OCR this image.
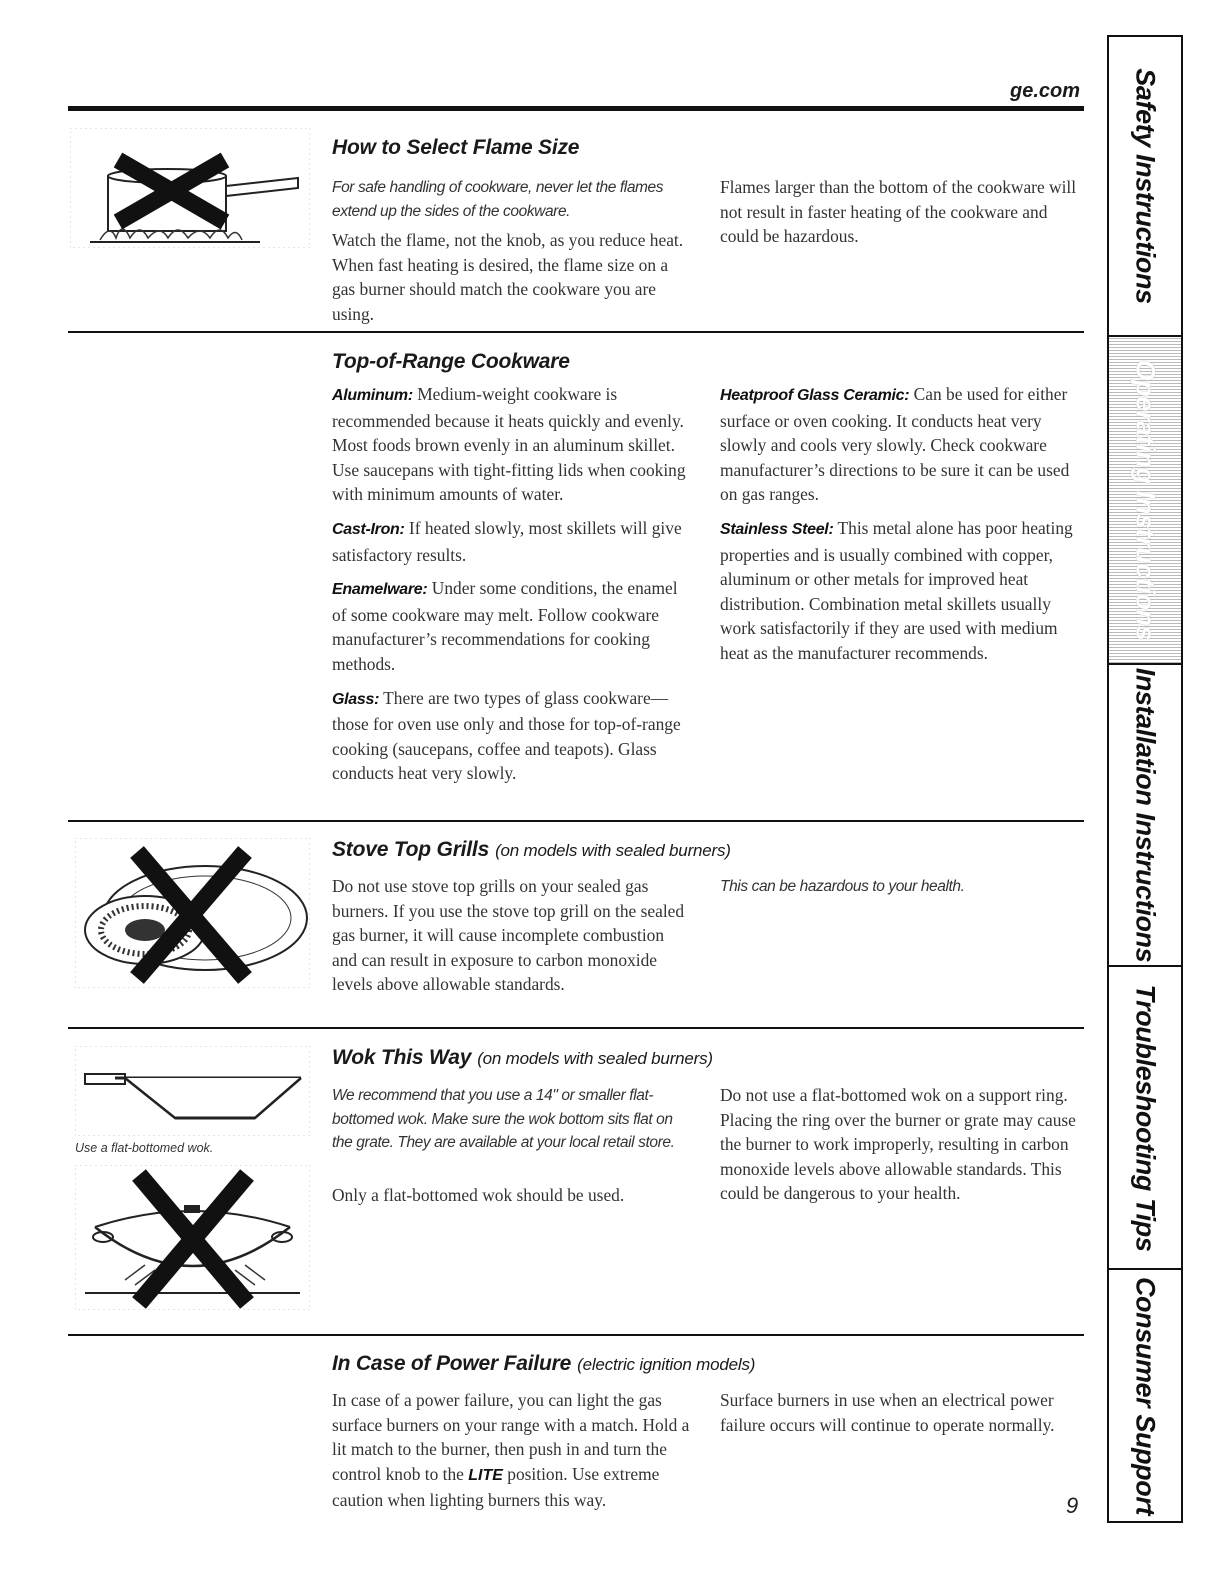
ge.com Safety Instructions
Operating Instructions
Installation Instructions
Troubleshooting Tips
Consumer Support
How to Select Flame Size
For safe handling of cookware, never let the flames extend up the sides of the cookware.
Watch the flame, not the knob, as you reduce heat. When fast heating is desired, the flame size on a gas burner should match the cookware you are using.
Flames larger than the bottom of the cookware will not result in faster heating of the cookware and could be hazardous.
Top-of-Range Cookware

Aluminum: Medium-weight cookware is recommended because it heats quickly and evenly. Most foods brown evenly in an aluminum skillet. Use saucepans with tight-fitting lids when cooking with minimum amounts of water.

Cast-Iron: If heated slowly, most skillets will give satisfactory results.

Enamelware: Under some conditions, the enamel of some cookware may melt. Follow cookware manufacturer’s recommendations for cooking methods.

Glass: There are two types of glass cookware—those for oven use only and those for top-of-range cooking (saucepans, coffee and teapots). Glass conducts heat very slowly.

Heatproof Glass Ceramic: Can be used for either surface or oven cooking. It conducts heat very slowly and cools very slowly. Check cookware manufacturer’s directions to be sure it can be used on gas ranges.

Stainless Steel: This metal alone has poor heating properties and is usually combined with copper, aluminum or other metals for improved heat distribution. Combination metal skillets usually work satisfactorily if they are used with medium heat as the manufacturer recommends.

Stove Top Grills (on models with sealed burners)
Do not use stove top grills on your sealed gas burners. If you use the stove top grill on the sealed gas burner, it will cause incomplete combustion and can result in exposure to carbon monoxide levels above allowable standards.
This can be hazardous to your health.
Use a flat-bottomed wok.
Wok This Way (on models with sealed burners)
We recommend that you use a 14" or smaller flat-bottomed wok. Make sure the wok bottom sits flat on the grate. They are available at your local retail store.
Only a flat-bottomed wok should be used.
Do not use a flat-bottomed wok on a support ring. Placing the ring over the burner or grate may cause the burner to work improperly, resulting in carbon monoxide levels above allowable standards. This could be dangerous to your health.
In Case of Power Failure (electric ignition models)
In case of a power failure, you can light the gas surface burners on your range with a match. Hold a lit match to the burner, then push in and turn the control knob to the LITE position. Use extreme caution when lighting burners this way.
Surface burners in use when an electrical power failure occurs will continue to operate normally.
9
